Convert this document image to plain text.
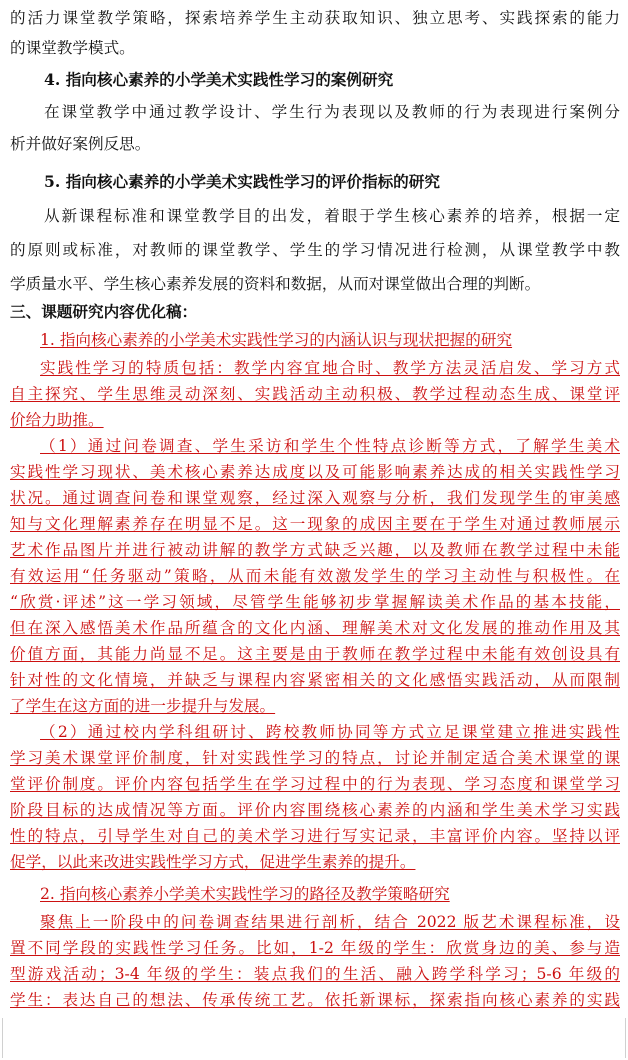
的活力课堂教学策略，探索培养学生主动获取知识、独立思考、实践探索的能力
的课堂教学模式。
4. 指向核心素养的小学美术实践性学习的案例研究
在课堂教学中通过教学设计、学生行为表现以及教师的行为表现进行案例分
析并做好案例反思。
5. 指向核心素养的小学美术实践性学习的评价指标的研究
从新课程标准和课堂教学目的出发，着眼于学生核心素养的培养，根据一定
的原则或标准，对教师的课堂教学、学生的学习情况进行检测，从课堂教学中教
学质量水平、学生核心素养发展的资料和数据，从而对课堂做出合理的判断。
三、课题研究内容优化稿：
1. 指向核心素养的小学美术实践性学习的内涵认识与现状把握的研究
实践性学习的特质包括：教学内容宜地合时、教学方法灵活启发、学习方式
自主探究、学生思维灵动深刻、实践活动主动积极、教学过程动态生成、课堂评
价给力助推。
（1）通过问卷调查、学生采访和学生个性特点诊断等方式，了解学生美术
实践性学习现状、美术核心素养达成度以及可能影响素养达成的相关实践性学习
状况。通过调查问卷和课堂观察，经过深入观察与分析，我们发现学生的审美感
知与文化理解素养存在明显不足。这一现象的成因主要在于学生对通过教师展示
艺术作品图片并进行被动讲解的教学方式缺乏兴趣，以及教师在教学过程中未能
有效运用“任务驱动”策略，从而未能有效激发学生的学习主动性与积极性。在
“欣赏·评述”这一学习领域，尽管学生能够初步掌握解读美术作品的基本技能，
但在深入感悟美术作品所蕴含的文化内涵、理解美术对文化发展的推动作用及其
价值方面，其能力尚显不足。这主要是由于教师在教学过程中未能有效创设具有
针对性的文化情境，并缺乏与课程内容紧密相关的文化感悟实践活动，从而限制
了学生在这方面的进一步提升与发展。
（2）通过校内学科组研讨、跨校教师协同等方式立足课堂建立推进实践性
学习美术课堂评价制度，针对实践性学习的特点，讨论并制定适合美术课堂的课
堂评价制度。评价内容包括学生在学习过程中的行为表现、学习态度和课堂学习
阶段目标的达成情况等方面。评价内容围绕核心素养的内涵和学生美术学习实践
性的特点，引导学生对自己的美术学习进行写实记录，丰富评价内容。坚持以评
促学，以此来改进实践性学习方式，促进学生素养的提升。
2. 指向核心素养小学美术实践性学习的路径及教学策略研究
聚焦上一阶段中的问卷调查结果进行剖析，结合 2022 版艺术课程标准，设
置不同学段的实践性学习任务。比如，1-2 年级的学生：欣赏身边的美、参与造
型游戏活动；3-4 年级的学生：装点我们的生活、融入跨学科学习；5-6 年级的
学生：表达自己的想法、传承传统工艺。依托新课标，探索指向核心素养的实践
